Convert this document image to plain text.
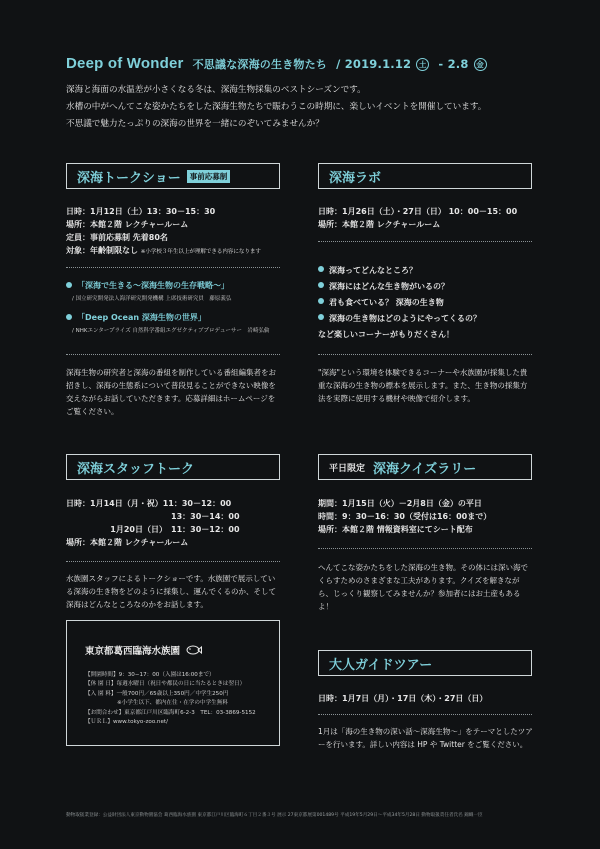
Deep of Wonder 不思議な深海の生き物たち / 2019.1.12 土 - 2.8 金
深海と海面の水温差が小さくなる冬は、深海生物採集のベストシーズンです。
水槽の中がへんてこな姿かたちをした深海生物たちで賑わうこの時期に、楽しいイベントを開催しています。
不思議で魅力たっぷりの深海の世界を一緒にのぞいてみませんか？
深海トークショー	事前応募制
日時：1月12日（土）13：30－15：30
場所：本館２階 レクチャールーム
定員：事前応募制 先着80名
対象：年齢制限なし ※小学校３年生以上が理解できる内容になります
「深海で生きる〜深海生物の生存戦略〜」
/ 国立研究開発法人海洋研究開発機構 上席技術研究員　藤原義弘
「Deep Ocean 深海生物の世界」
/ NHKエンタープライズ 自然科学番組エグゼクティブプロデューサー　岩崎弘倫
深海生物の研究者と深海の番組を制作している番組編集者をお招きし、深海の生態系について普段見ることができない映像を交えながらお話していただきます。応募詳細はホームページをご覧ください。
深海ラボ
日時：1月26日（土）・27日（日） 10：00－15：00
場所：本館２階 レクチャールーム
深海ってどんなところ？
深海にはどんな生き物がいるの？
君も食べている？ 深海の生き物
深海の生き物はどのようにやってくるの？
など楽しいコーナーがもりだくさん！
"深海"という環境を体験できるコーナーや水族園が採集した貴重な深海の生き物の標本を展示します。また、生き物の採集方法を実際に使用する機材や映像で紹介します。
深海スタッフトーク
日時：1月14日（月・祝）11：30－12：00
13：30－14：00
1月20日（日） 11：30－12：00
場所：本館２階 レクチャールーム
水族園スタッフによるトークショーです。水族園で展示している深海の生き物をどのように採集し、運んでくるのか、そして深海はどんなところなのかをお話します。
平日限定 深海クイズラリー
期間：1月15日（火）－2月8日（金）の平日
時間：9：30－16：30（受付は16：00まで）
場所：本館２階 情報資料室にてシート配布
へんてこな姿かたちをした深海の生き物。その体には深い海でくらすためのさまざまな工夫があります。クイズを解きながら、じっくり観察してみませんか？参加者にはお土産もあるよ！
東京都葛西臨海水族園
【開園時間】9：30−17：00（入園は16:00まで）
【休 園 日】毎週水曜日（祝日や都民の日に当たるときは翌日）
【入 園 料】一般700円／65歳以上350円／中学生250円
※小学生以下、都内在住・在学の中学生無料
【お問合わせ】東京都江戸川区臨海町6-2-3　TEL：03-3869-5152
【ＵＲＬ】www.tokyo-zoo.net/
大人ガイドツアー
日時：1月7日（月）・17日（木）・27日（日）
1月は「海の生き物の深い話〜深海生物〜」をテーマとしたツアーを行います。詳しい内容は HP や Twitter をご覧ください。
動物取扱業登録：公益財団法人東京動物園協会 葛西臨海水族園 東京都江戸川区臨海町６丁目２番３号 展示 27東京都展第001489号 平成19年5月29日〜平成34年5月28日 動物取扱責任者氏名 錦織一臣
